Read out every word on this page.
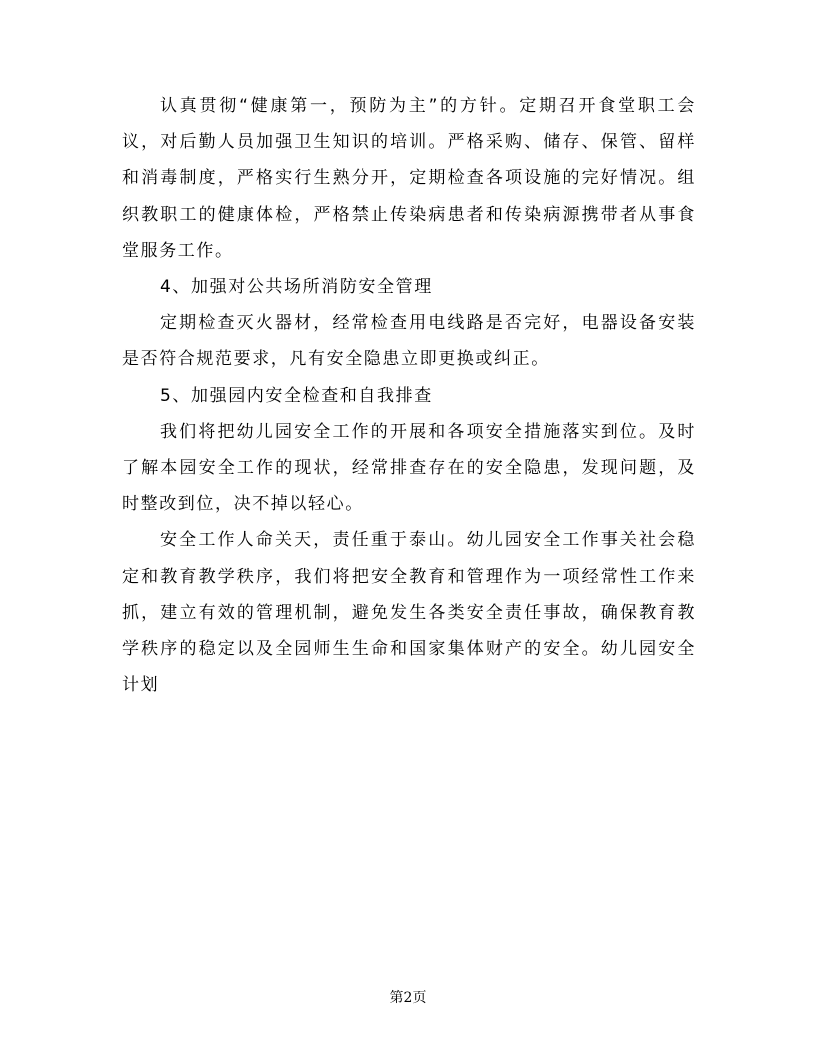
认真贯彻“健康第一，预防为主”的方针。定期召开食堂职工会议，对后勤人员加强卫生知识的培训。严格采购、储存、保管、留样和消毒制度，严格实行生熟分开，定期检查各项设施的完好情况。组织教职工的健康体检，严格禁止传染病患者和传染病源携带者从事食堂服务工作。

4、加强对公共场所消防安全管理

定期检查灭火器材，经常检查用电线路是否完好，电器设备安装是否符合规范要求，凡有安全隐患立即更换或纠正。

5、加强园内安全检查和自我排查

我们将把幼儿园安全工作的开展和各项安全措施落实到位。及时了解本园安全工作的现状，经常排查存在的安全隐患，发现问题，及时整改到位，决不掉以轻心。

安全工作人命关天，责任重于泰山。幼儿园安全工作事关社会稳定和教育教学秩序，我们将把安全教育和管理作为一项经常性工作来抓，建立有效的管理机制，避免发生各类安全责任事故，确保教育教学秩序的稳定以及全园师生生命和国家集体财产的安全。幼儿园安全计划

第2页
